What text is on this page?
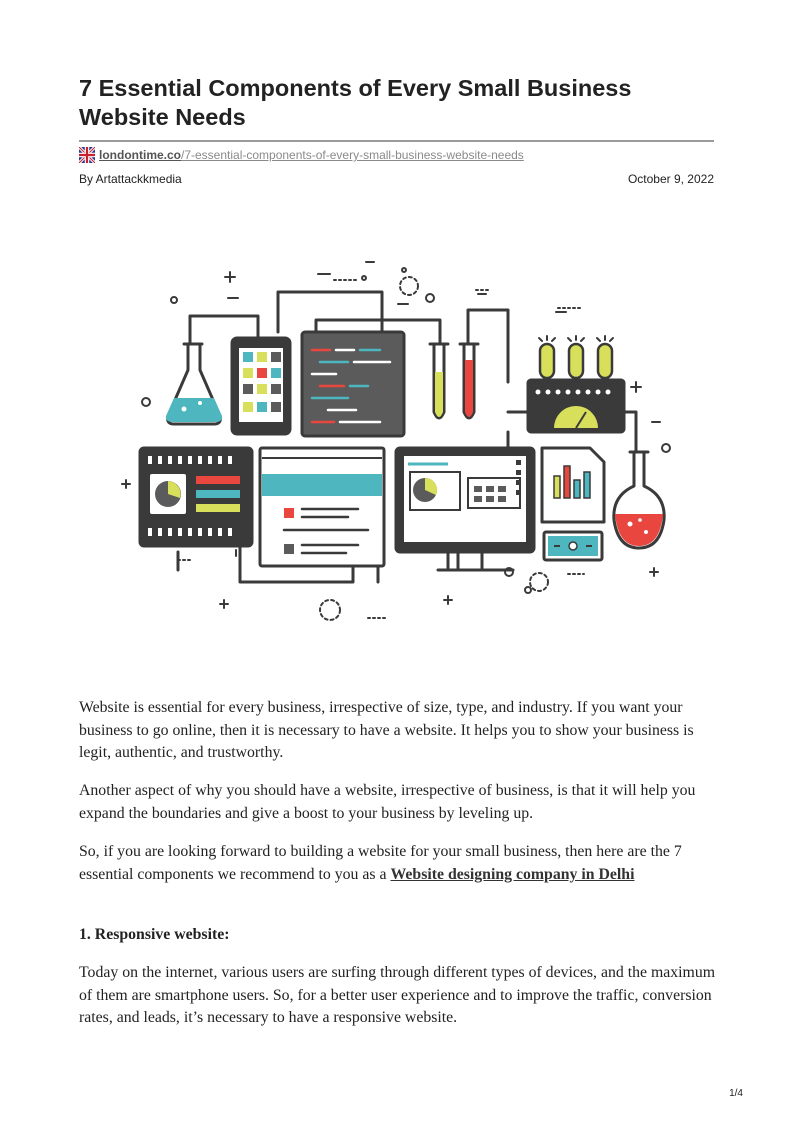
7 Essential Components of Every Small Business Website Needs
londontime.co /7-essential-components-of-every-small-business-website-needs
By Artattackkmedia	October 9, 2022

Website is essential for every business, irrespective of size, type, and industry. If you want your business to go online, then it is necessary to have a website. It helps you to show your business is legit, authentic, and trustworthy.

Another aspect of why you should have a website, irrespective of business, is that it will help you expand the boundaries and give a boost to your business by leveling up.

So, if you are looking forward to building a website for your small business, then here are the 7 essential components we recommend to you as a Website designing company in Delhi

1. Responsive website:

Today on the internet, various users are surfing through different types of devices, and the maximum of them are smartphone users. So, for a better user experience and to improve the traffic, conversion rates, and leads, it’s necessary to have a responsive website.

1/4
